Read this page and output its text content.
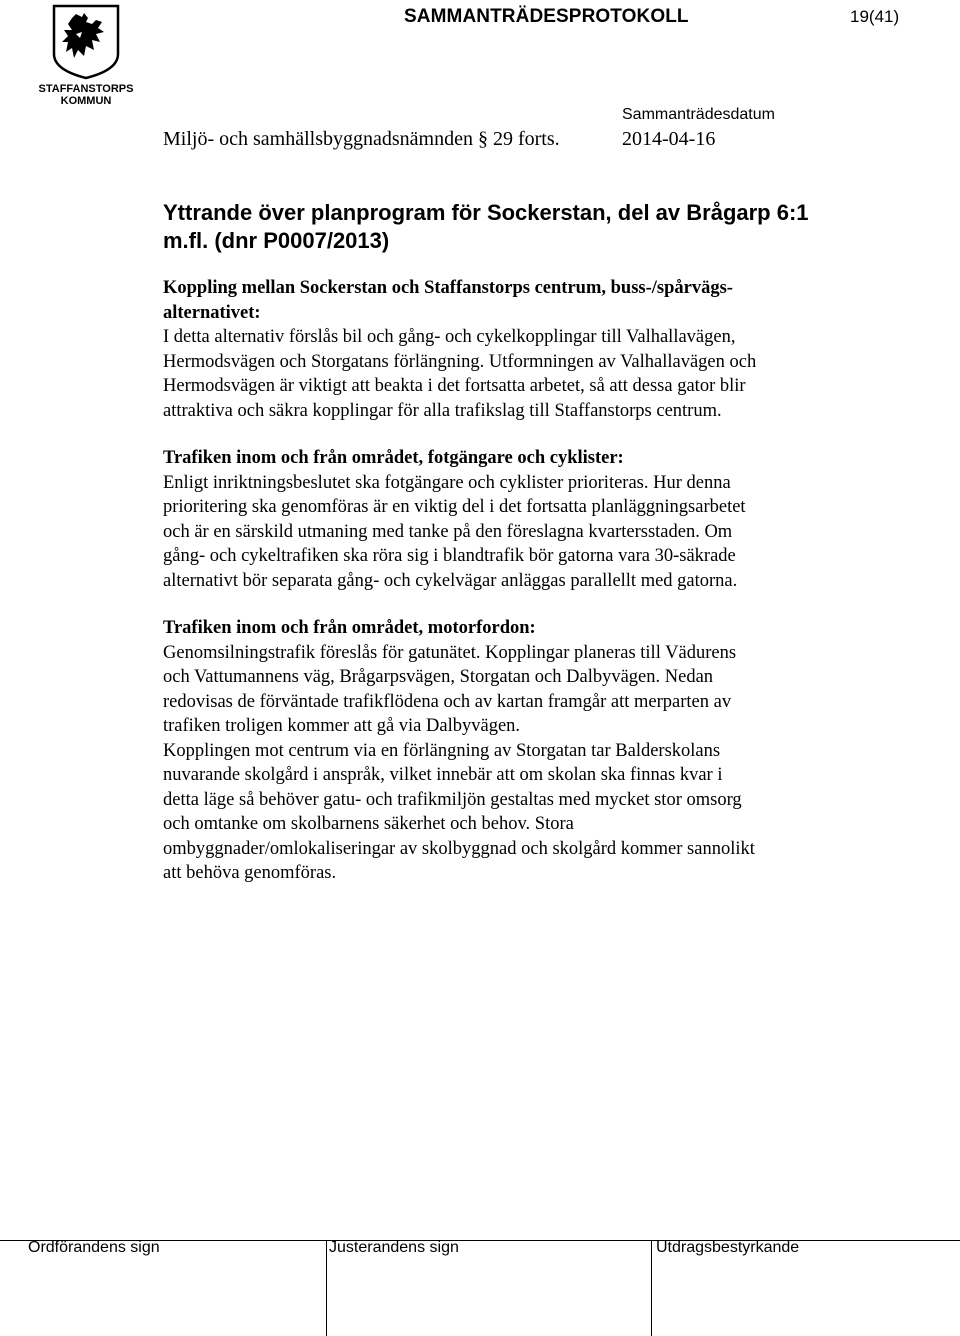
STAFFANSTORPS
KOMMUN
SAMMANTRÄDESPROTOKOLL	19(41)
Sammanträdesdatum
Miljö- och samhällsbyggnadsnämnden § 29 forts.	2014-04-16
Yttrande över planprogram för Sockerstan, del av Brågarp 6:1
m.fl. (dnr P0007/2013)
Koppling mellan Sockerstan och Staffanstorps centrum, buss-/spårvägs-
alternativet:
I detta alternativ förslås bil och gång- och cykelkopplingar till Valhallavägen,
Hermodsvägen och Storgatans förlängning. Utformningen av Valhallavägen och
Hermodsvägen är viktigt att beakta i det fortsatta arbetet, så att dessa gator blir
attraktiva och säkra kopplingar för alla trafikslag till Staffanstorps centrum.
Trafiken inom och från området, fotgängare och cyklister:
Enligt inriktningsbeslutet ska fotgängare och cyklister prioriteras. Hur denna
prioritering ska genomföras är en viktig del i det fortsatta planläggningsarbetet
och är en särskild utmaning med tanke på den föreslagna kvartersstaden. Om
gång- och cykeltrafiken ska röra sig i blandtrafik bör gatorna vara 30-säkrade
alternativt bör separata gång- och cykelvägar anläggas parallellt med gatorna.
Trafiken inom och från området, motorfordon:
Genomsilningstrafik föreslås för gatunätet. Kopplingar planeras till Vädurens
och Vattumannens väg, Brågarpsvägen, Storgatan och Dalbyvägen. Nedan
redovisas de förväntade trafikflödena och av kartan framgår att merparten av
trafiken troligen kommer att gå via Dalbyvägen.
Kopplingen mot centrum via en förlängning av Storgatan tar Balderskolans
nuvarande skolgård i anspråk, vilket innebär att om skolan ska finnas kvar i
detta läge så behöver gatu- och trafikmiljön gestaltas med mycket stor omsorg
och omtanke om skolbarnens säkerhet och behov. Stora
ombyggnader/omlokaliseringar av skolbyggnad och skolgård kommer sannolikt
att behöva genomföras.
Ordförandens sign	Justerandens sign	Utdragsbestyrkande
